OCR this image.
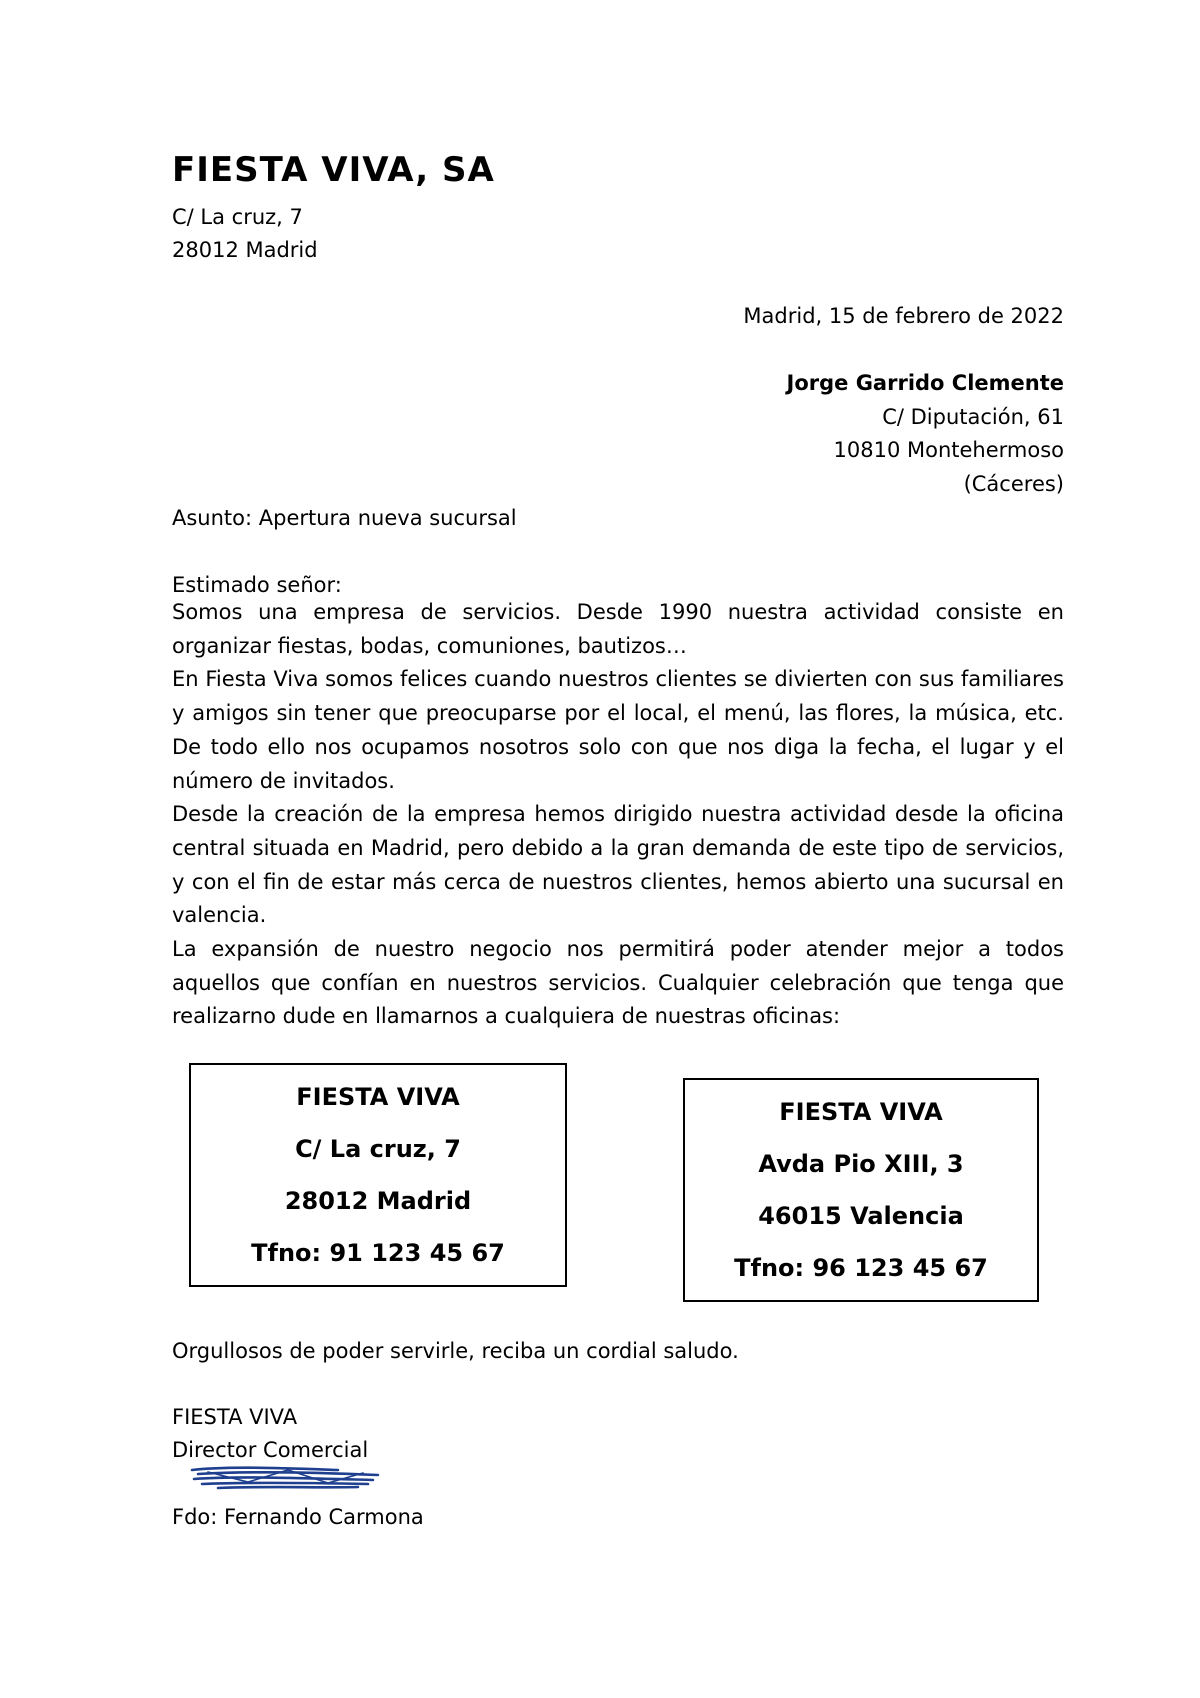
FIESTA VIVA, SA
C/ La cruz, 7
28012 Madrid
Madrid, 15 de febrero de 2022
Jorge Garrido Clemente
C/ Diputación, 61
10810 Montehermoso
(Cáceres)
Asunto: Apertura nueva sucursal
Estimado señor:

Somos una empresa de servicios. Desde 1990 nuestra actividad consiste en organizar fiestas, bodas, comuniones, bautizos…

En Fiesta Viva somos felices cuando nuestros clientes se divierten con sus familiares y amigos sin tener que preocuparse por el local, el menú, las flores, la música, etc. De todo ello nos ocupamos nosotros solo con que nos diga la fecha, el lugar y el número de invitados.

Desde la creación de la empresa hemos dirigido nuestra actividad desde la oficina central situada en Madrid, pero debido a la gran demanda de este tipo de servicios, y con el fin de estar más cerca de nuestros clientes, hemos abierto una sucursal en valencia.

La expansión de nuestro negocio nos permitirá poder atender mejor a todos aquellos que confían en nuestros servicios. Cualquier celebración que tenga que realizarno dude en llamarnos a cualquiera de nuestras oficinas:

FIESTA VIVA
C/ La cruz, 7
28012 Madrid
Tfno: 91 123 45 67
FIESTA VIVA
Avda Pio XIII, 3
46015 Valencia
Tfno: 96 123 45 67
Orgullosos de poder servirle, reciba un cordial saludo.
FIESTA VIVA
Director Comercial
Fdo: Fernando Carmona
